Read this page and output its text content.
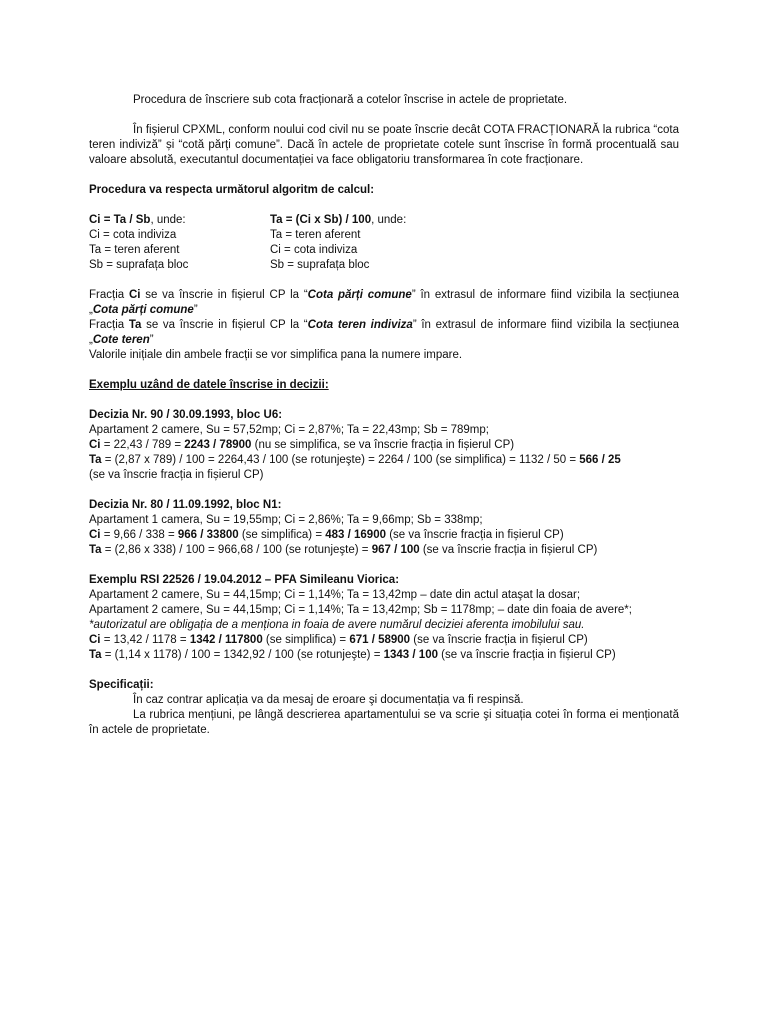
Procedura de înscriere sub cota fracționară a cotelor înscrise in actele de proprietate.

În fișierul CPXML, conform noului cod civil nu se poate înscrie decât COTA FRACȚIONARĂ la rubrica “cota teren indiviză” și “cotă părți comune”. Dacă în actele de proprietate cotele sunt înscrise în formă procentuală sau valoare absolută, executantul documentației va face obligatoriu transformarea în cote fracționare.

Procedura va respecta următorul algoritm de calcul:

Ci = Ta / Sb, unde:	Ta = (Ci x Sb) / 100, unde:
Ci = cota indiviza	Ta = teren aferent
Ta = teren aferent	Ci = cota indiviza
Sb = suprafața bloc	Sb = suprafața bloc

Fracția Ci se va înscrie in fișierul CP la “Cota părți comune” în extrasul de informare fiind vizibila la secțiunea „Cota părți comune”

Fracția Ta se va înscrie in fișierul CP la “Cota teren indiviza” în extrasul de informare fiind vizibila la secțiunea „Cote teren”

Valorile inițiale din ambele fracții se vor simplifica pana la numere impare.

Exemplu uzând de datele înscrise in decizii:

Decizia Nr. 90 / 30.09.1993, bloc U6:

Apartament 2 camere, Su = 57,52mp; Ci = 2,87%; Ta = 22,43mp; Sb = 789mp;

Ci = 22,43 / 789 = 2243 / 78900 (nu se simplifica, se va înscrie fracția in fișierul CP)

Ta = (2,87 x 789) / 100 = 2264,43 / 100 (se rotunjeşte) = 2264 / 100 (se simplifica) = 1132 / 50 = 566 / 25
(se va înscrie fracția in fișierul CP)

Decizia Nr. 80 / 11.09.1992, bloc N1:

Apartament 1 camera, Su = 19,55mp; Ci = 2,86%; Ta = 9,66mp; Sb = 338mp;

Ci = 9,66 / 338 = 966 / 33800 (se simplifica) = 483 / 16900 (se va înscrie fracția in fișierul CP)

Ta = (2,86 x 338) / 100 = 966,68 / 100 (se rotunjeşte) = 967 / 100 (se va înscrie fracția in fișierul CP)

Exemplu RSI 22526 / 19.04.2012 – PFA Simileanu Viorica:

Apartament 2 camere, Su = 44,15mp; Ci = 1,14%; Ta = 13,42mp – date din actul ataşat la dosar;

Apartament 2 camere, Su = 44,15mp; Ci = 1,14%; Ta = 13,42mp; Sb = 1178mp; – date din foaia de avere*;

*autorizatul are obligația de a menționa in foaia de avere numărul deciziei aferenta imobilului sau.

Ci = 13,42 / 1178 = 1342 / 117800 (se simplifica) = 671 / 58900 (se va înscrie fracția in fișierul CP)

Ta = (1,14 x 1178) / 100 = 1342,92 / 100 (se rotunjeşte) = 1343 / 100 (se va înscrie fracția in fișierul CP)

Specificații:

În caz contrar aplicația va da mesaj de eroare şi documentația va fi respinsă.

La rubrica mențiuni, pe lângă descrierea apartamentului se va scrie şi situația cotei în forma ei menționată în actele de proprietate.
